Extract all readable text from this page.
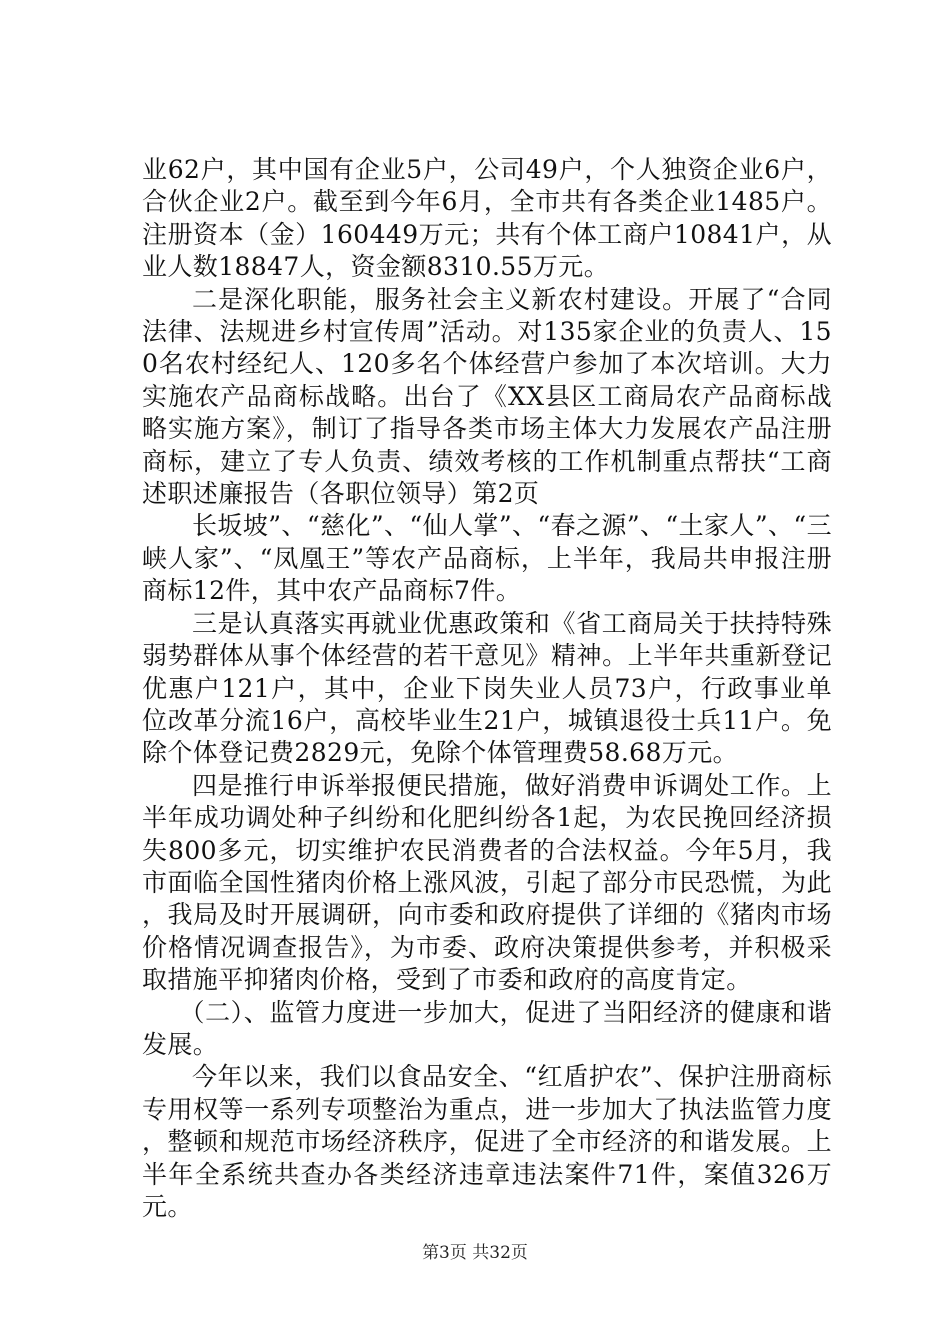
业62户，其中国有企业5户，公司49户，个人独资企业6户，合伙企业2户。截至到今年6月，全市共有各类企业1485户。注册资本（金）160449万元；共有个体工商户10841户，从业人数18847人，资金额8310.55万元。

二是深化职能，服务社会主义新农村建设。开展了“合同法律、法规进乡村宣传周”活动。对135家企业的负责人、150名农村经纪人、120多名个体经营户参加了本次培训。大力实施农产品商标战略。出台了《XX县区工商局农产品商标战略实施方案》，制订了指导各类市场主体大力发展农产品注册商标，建立了专人负责、绩效考核的工作机制重点帮扶“工商述职述廉报告（各职位领导）第2页

长坂坡”、“慈化”、“仙人掌”、“春之源”、“土家人”、“三峡人家”、“凤凰王”等农产品商标，上半年，我局共申报注册商标12件，其中农产品商标7件。

三是认真落实再就业优惠政策和《省工商局关于扶持特殊弱势群体从事个体经营的若干意见》精神。上半年共重新登记优惠户121户，其中，企业下岗失业人员73户，行政事业单位改革分流16户，高校毕业生21户，城镇退役士兵11户。免除个体登记费2829元，免除个体管理费58.68万元。

四是推行申诉举报便民措施，做好消费申诉调处工作。上半年成功调处种子纠纷和化肥纠纷各1起，为农民挽回经济损失800多元，切实维护农民消费者的合法权益。今年5月，我市面临全国性猪肉价格上涨风波，引起了部分市民恐慌，为此，我局及时开展调研，向市委和政府提供了详细的《猪肉市场价格情况调查报告》，为市委、政府决策提供参考，并积极采取措施平抑猪肉价格，受到了市委和政府的高度肯定。

（二）、监管力度进一步加大，促进了当阳经济的健康和谐发展。

今年以来，我们以食品安全、“红盾护农”、保护注册商标专用权等一系列专项整治为重点，进一步加大了执法监管力度，整顿和规范市场经济秩序，促进了全市经济的和谐发展。上半年全系统共查办各类经济违章违法案件71件，案值326万元。

第3页 共32页
